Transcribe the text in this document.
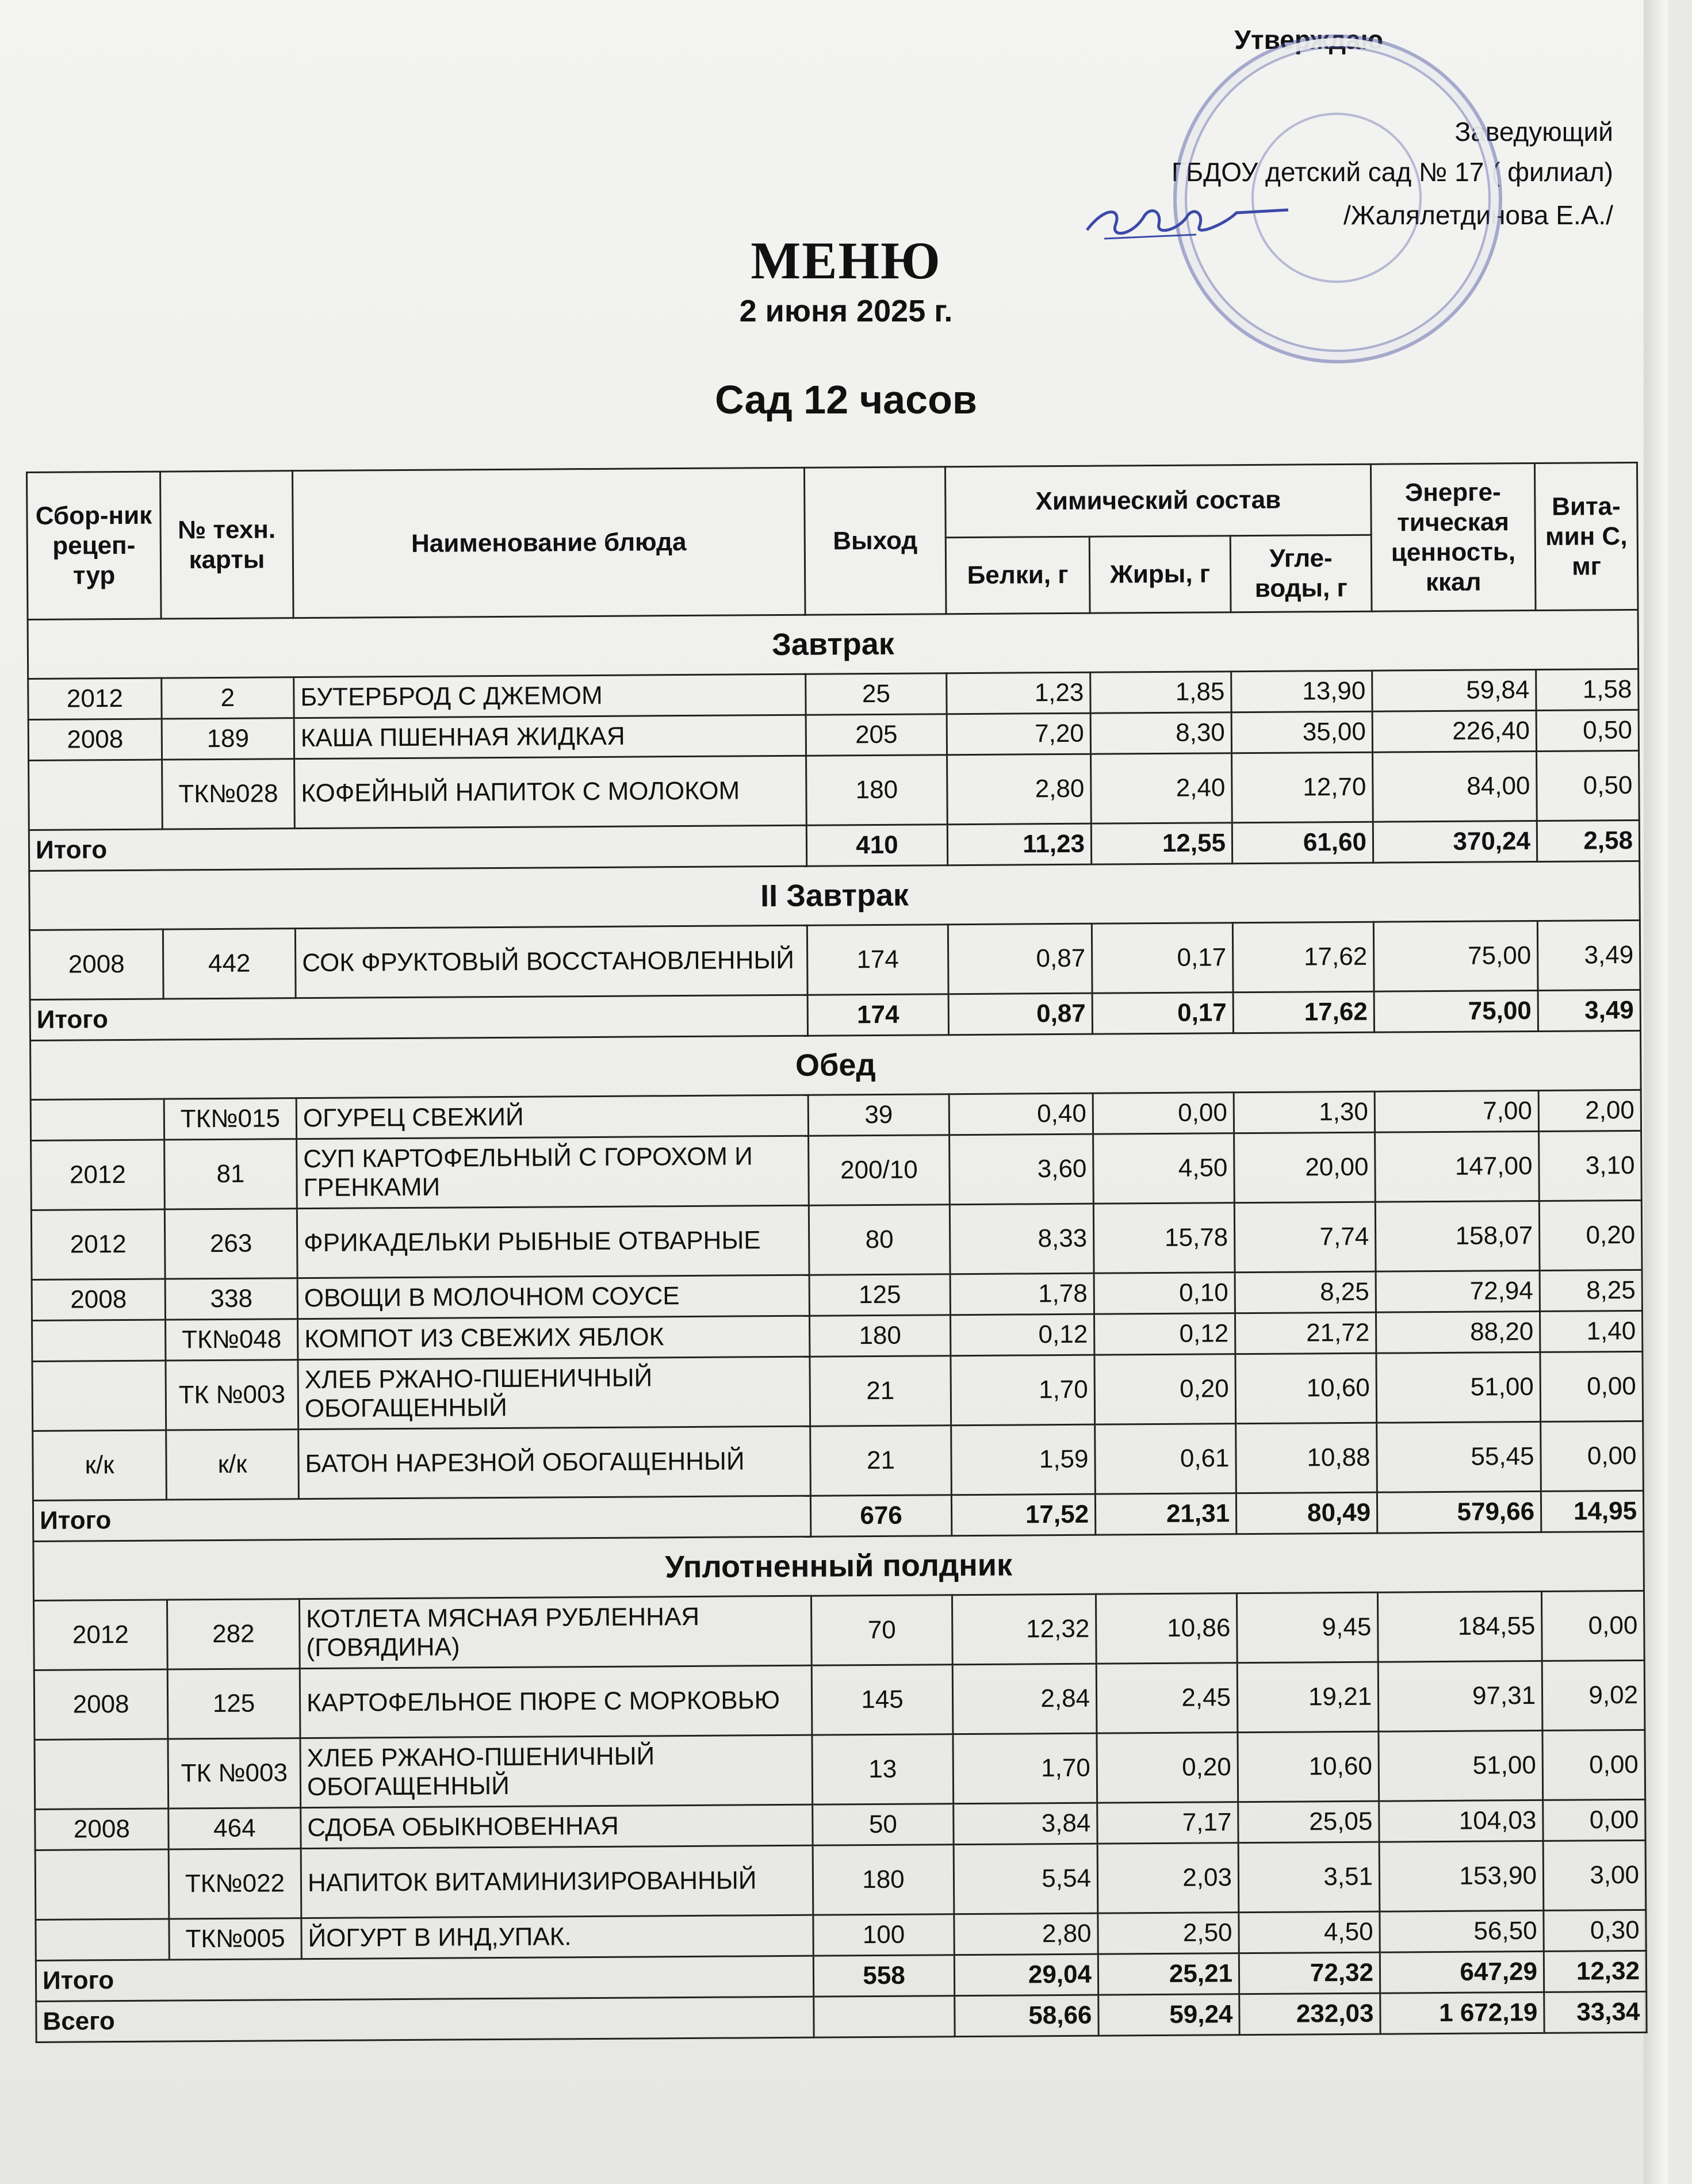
Утверждаю
Заведующий
ГБДОУ детский сад № 17 ( филиал)
/Жалялетдинова Е.А./
МЕНЮ
2 июня 2025 г.
Сад 12 часов
Сбор-ник рецеп-тур	№ техн. карты	Наименование блюда	Выход	Химический состав			Энерге-тическая ценность, ккал	Вита-мин С, мг
				Белки, г	Жиры, г	Угле-воды, г		
Завтрак								
2012	2	БУТЕРБРОД С ДЖЕМОМ	25	1,23	1,85	13,90	59,84	1,58
2008	189	КАША ПШЕННАЯ ЖИДКАЯ	205	7,20	8,30	35,00	226,40	0,50
	ТК№028	КОФЕЙНЫЙ НАПИТОК С МОЛОКОМ	180	2,80	2,40	12,70	84,00	0,50
Итого			410	11,23	12,55	61,60	370,24	2,58
II Завтрак								
2008	442	СОК ФРУКТОВЫЙ ВОССТАНОВЛЕННЫЙ	174	0,87	0,17	17,62	75,00	3,49
Итого			174	0,87	0,17	17,62	75,00	3,49
Обед								
	ТК№015	ОГУРЕЦ СВЕЖИЙ	39	0,40	0,00	1,30	7,00	2,00
2012	81	СУП КАРТОФЕЛЬНЫЙ С ГОРОХОМ И ГРЕНКАМИ	200/10	3,60	4,50	20,00	147,00	3,10
2012	263	ФРИКАДЕЛЬКИ РЫБНЫЕ ОТВАРНЫЕ	80	8,33	15,78	7,74	158,07	0,20
2008	338	ОВОЩИ В МОЛОЧНОМ СОУСЕ	125	1,78	0,10	8,25	72,94	8,25
	ТК№048	КОМПОТ ИЗ СВЕЖИХ ЯБЛОК	180	0,12	0,12	21,72	88,20	1,40
	ТК №003	ХЛЕБ РЖАНО-ПШЕНИЧНЫЙ ОБОГАЩЕННЫЙ	21	1,70	0,20	10,60	51,00	0,00
к/к	к/к	БАТОН НАРЕЗНОЙ ОБОГАЩЕННЫЙ	21	1,59	0,61	10,88	55,45	0,00
Итого			676	17,52	21,31	80,49	579,66	14,95
Уплотненный полдник								
2012	282	КОТЛЕТА МЯСНАЯ РУБЛЕННАЯ (ГОВЯДИНА)	70	12,32	10,86	9,45	184,55	0,00
2008	125	КАРТОФЕЛЬНОЕ ПЮРЕ С МОРКОВЬЮ	145	2,84	2,45	19,21	97,31	9,02
	ТК №003	ХЛЕБ РЖАНО-ПШЕНИЧНЫЙ ОБОГАЩЕННЫЙ	13	1,70	0,20	10,60	51,00	0,00
2008	464	СДОБА ОБЫКНОВЕННАЯ	50	3,84	7,17	25,05	104,03	0,00
	ТК№022	НАПИТОК ВИТАМИНИЗИРОВАННЫЙ	180	5,54	2,03	3,51	153,90	3,00
	ТК№005	ЙОГУРТ В ИНД,УПАК.	100	2,80	2,50	4,50	56,50	0,30
Итого			558	29,04	25,21	72,32	647,29	12,32
Всего				58,66	59,24	232,03	1 672,19	33,34
